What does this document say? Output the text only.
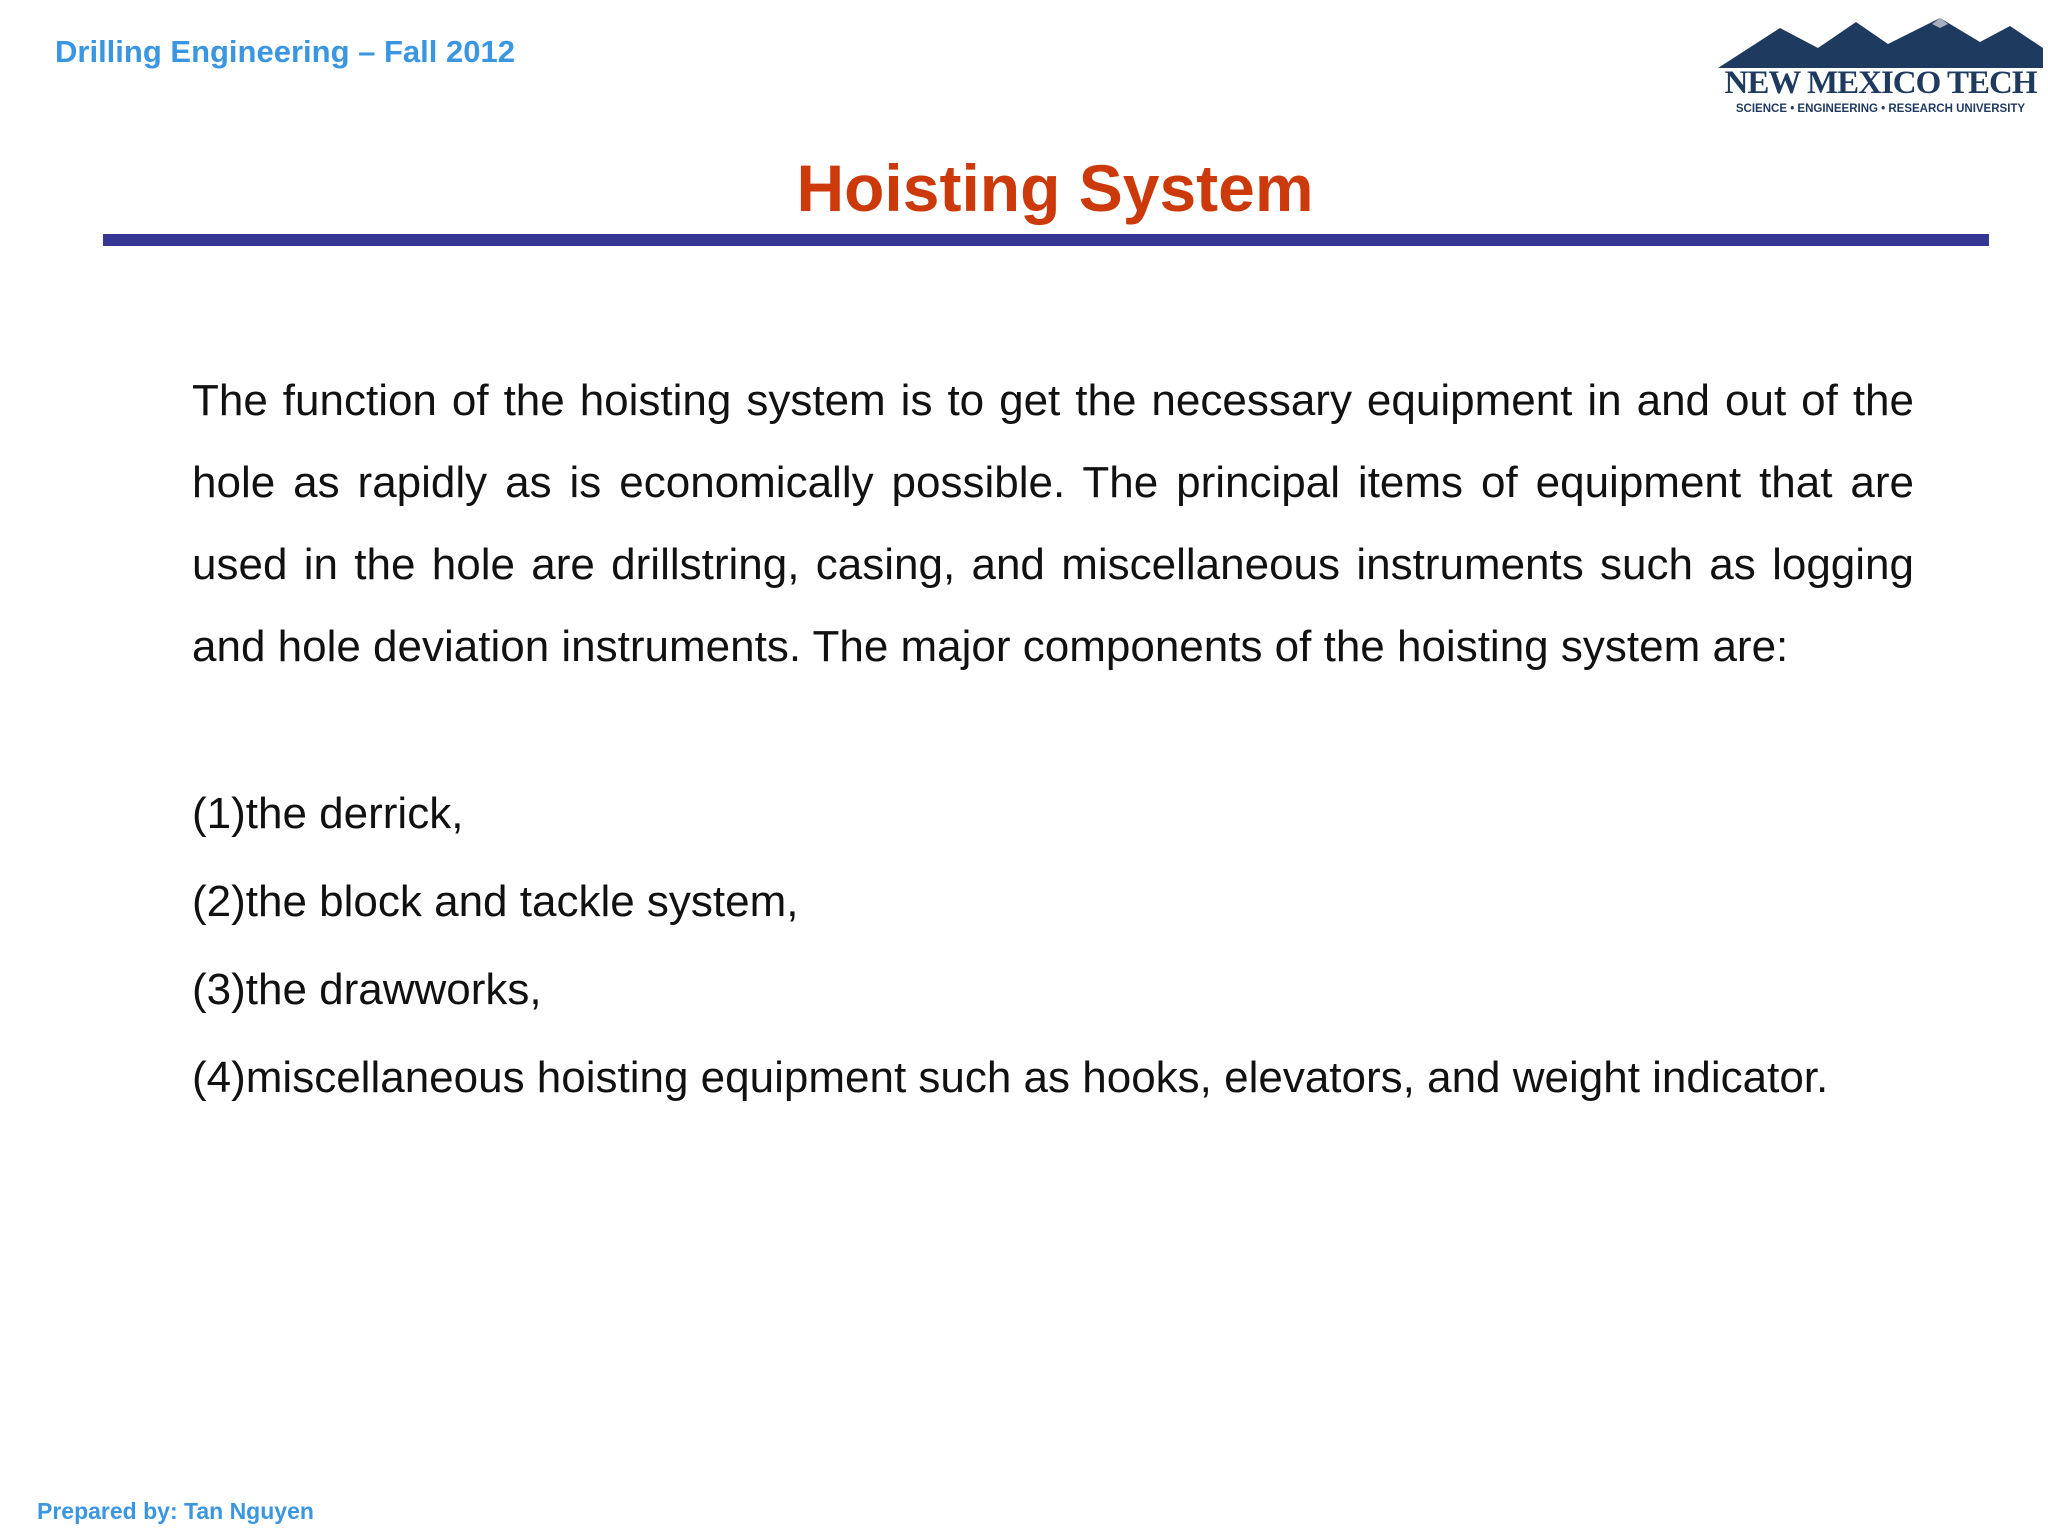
Drilling Engineering – Fall 2012
NEW MEXICO TECH
SCIENCE • ENGINEERING • RESEARCH UNIVERSITY
Hoisting System

The function of the hoisting system is to get the necessary equipment in and out of the hole as rapidly as is economically possible. The principal items of equipment that are used in the hole are drillstring, casing, and miscellaneous instruments such as logging and hole deviation instruments. The major components of the hoisting system are:

(1)the derrick,
(2)the block and tackle system,
(3)the drawworks,
(4)miscellaneous hoisting equipment such as hooks, elevators, and weight indicator.
Prepared by: Tan Nguyen
